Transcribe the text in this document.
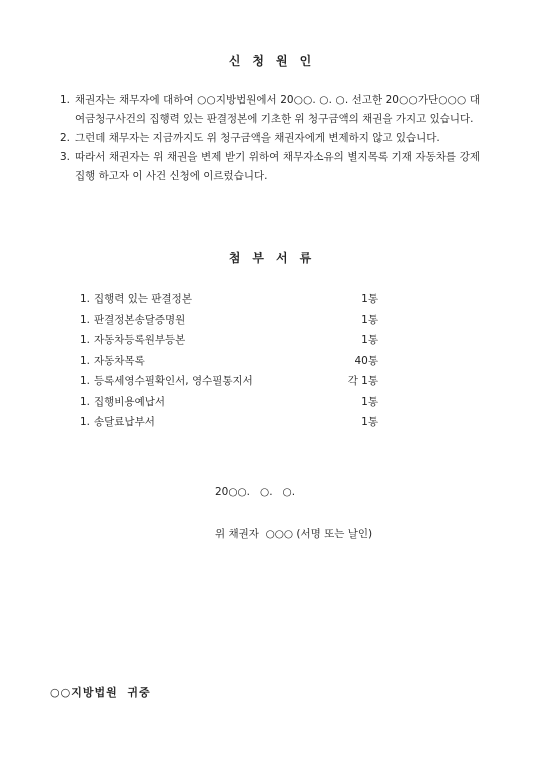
신청원인
1. 채권자는 채무자에 대하여 ○○지방법원에서 20○○. ○. ○. 선고한 20○○가단○○○ 대여금청구사건의 집행력 있는 판결정본에 기초한 위 청구금액의 채권을 가지고 있습니다.
2. 그런데 채무자는 지금까지도 위 청구금액을 채권자에게 변제하지 않고 있습니다.
3. 따라서 채권자는 위 채권을 변제 받기 위하여 채무자소유의 별지목록 기재 자동차를 강제집행 하고자 이 사건 신청에 이르렀습니다.
첨부서류
1. 집행력 있는 판결정본	1통
1. 판결정본송달증명원	1통
1. 자동차등록원부등본	1통
1. 자동차목록	40통
1. 등록세영수필확인서, 영수필통지서	각 1통
1. 집행비용예납서	1통
1. 송달료납부서	1통
20○○.   ○.   ○.
위 채권자  ○○○ (서명 또는 날인)
○○지방법원  귀중
